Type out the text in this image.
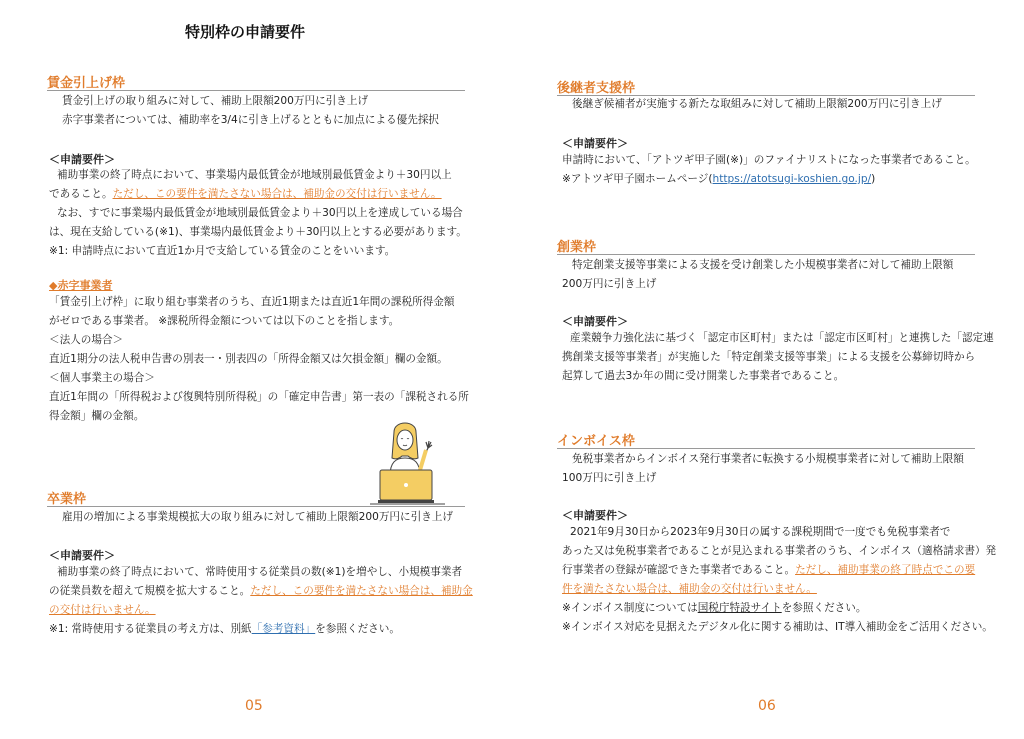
特別枠の申請要件
賃金引上げ枠
賃金引上げの取り組みに対して、補助上限額200万円に引き上げ
赤字事業者については、補助率を3/4に引き上げるとともに加点による優先採択
＜申請要件＞
補助事業の終了時点において、事業場内最低賃金が地域別最低賃金より＋30円以上
であること。ただし、この要件を満たさない場合は、補助金の交付は行いません。
なお、すでに事業場内最低賃金が地域別最低賃金より＋30円以上を達成している場合
は、現在支給している(※1)、事業場内最低賃金より＋30円以上とする必要があります。
※1: 申請時点において直近1か月で支給している賃金のことをいいます。
◆赤字事業者
「賃金引上げ枠」に取り組む事業者のうち、直近1期または直近1年間の課税所得金額
がゼロである事業者。 ※課税所得金額については以下のことを指します。
＜法人の場合＞
直近1期分の法人税申告書の別表一・別表四の「所得金額又は欠損金額」欄の金額。
＜個人事業主の場合＞
直近1年間の「所得税および復興特別所得税」の「確定申告書」第一表の「課税される所
得金額」欄の金額。
卒業枠
雇用の増加による事業規模拡大の取り組みに対して補助上限額200万円に引き上げ
＜申請要件＞
補助事業の終了時点において、常時使用する従業員の数(※1)を増やし、小規模事業者
の従業員数を超えて規模を拡大すること。ただし、この要件を満たさない場合は、補助金
の交付は行いません。
※1: 常時使用する従業員の考え方は、別紙「参考資料」を参照ください。
05
後継者支援枠
後継ぎ候補者が実施する新たな取組みに対して補助上限額200万円に引き上げ
＜申請要件＞
申請時において、「アトツギ甲子園(※)」のファイナリストになった事業者であること。
※アトツギ甲子園ホームページ(https://atotsugi-koshien.go.jp/)
創業枠
特定創業支援等事業による支援を受け創業した小規模事業者に対して補助上限額
200万円に引き上げ
＜申請要件＞
産業競争力強化法に基づく「認定市区町村」または「認定市区町村」と連携した「認定連
携創業支援等事業者」が実施した「特定創業支援等事業」による支援を公募締切時から
起算して過去3か年の間に受け開業した事業者であること。
インボイス枠
免税事業者からインボイス発行事業者に転換する小規模事業者に対して補助上限額
100万円に引き上げ
＜申請要件＞
2021年9月30日から2023年9月30日の属する課税期間で一度でも免税事業者で
あった又は免税事業者であることが見込まれる事業者のうち、インボイス（適格請求書）発
行事業者の登録が確認できた事業者であること。ただし、補助事業の終了時点でこの要
件を満たさない場合は、補助金の交付は行いません。
※インボイス制度については国税庁特設サイトを参照ください。
※インボイス対応を見据えたデジタル化に関する補助は、IT導入補助金をご活用ください。
06
